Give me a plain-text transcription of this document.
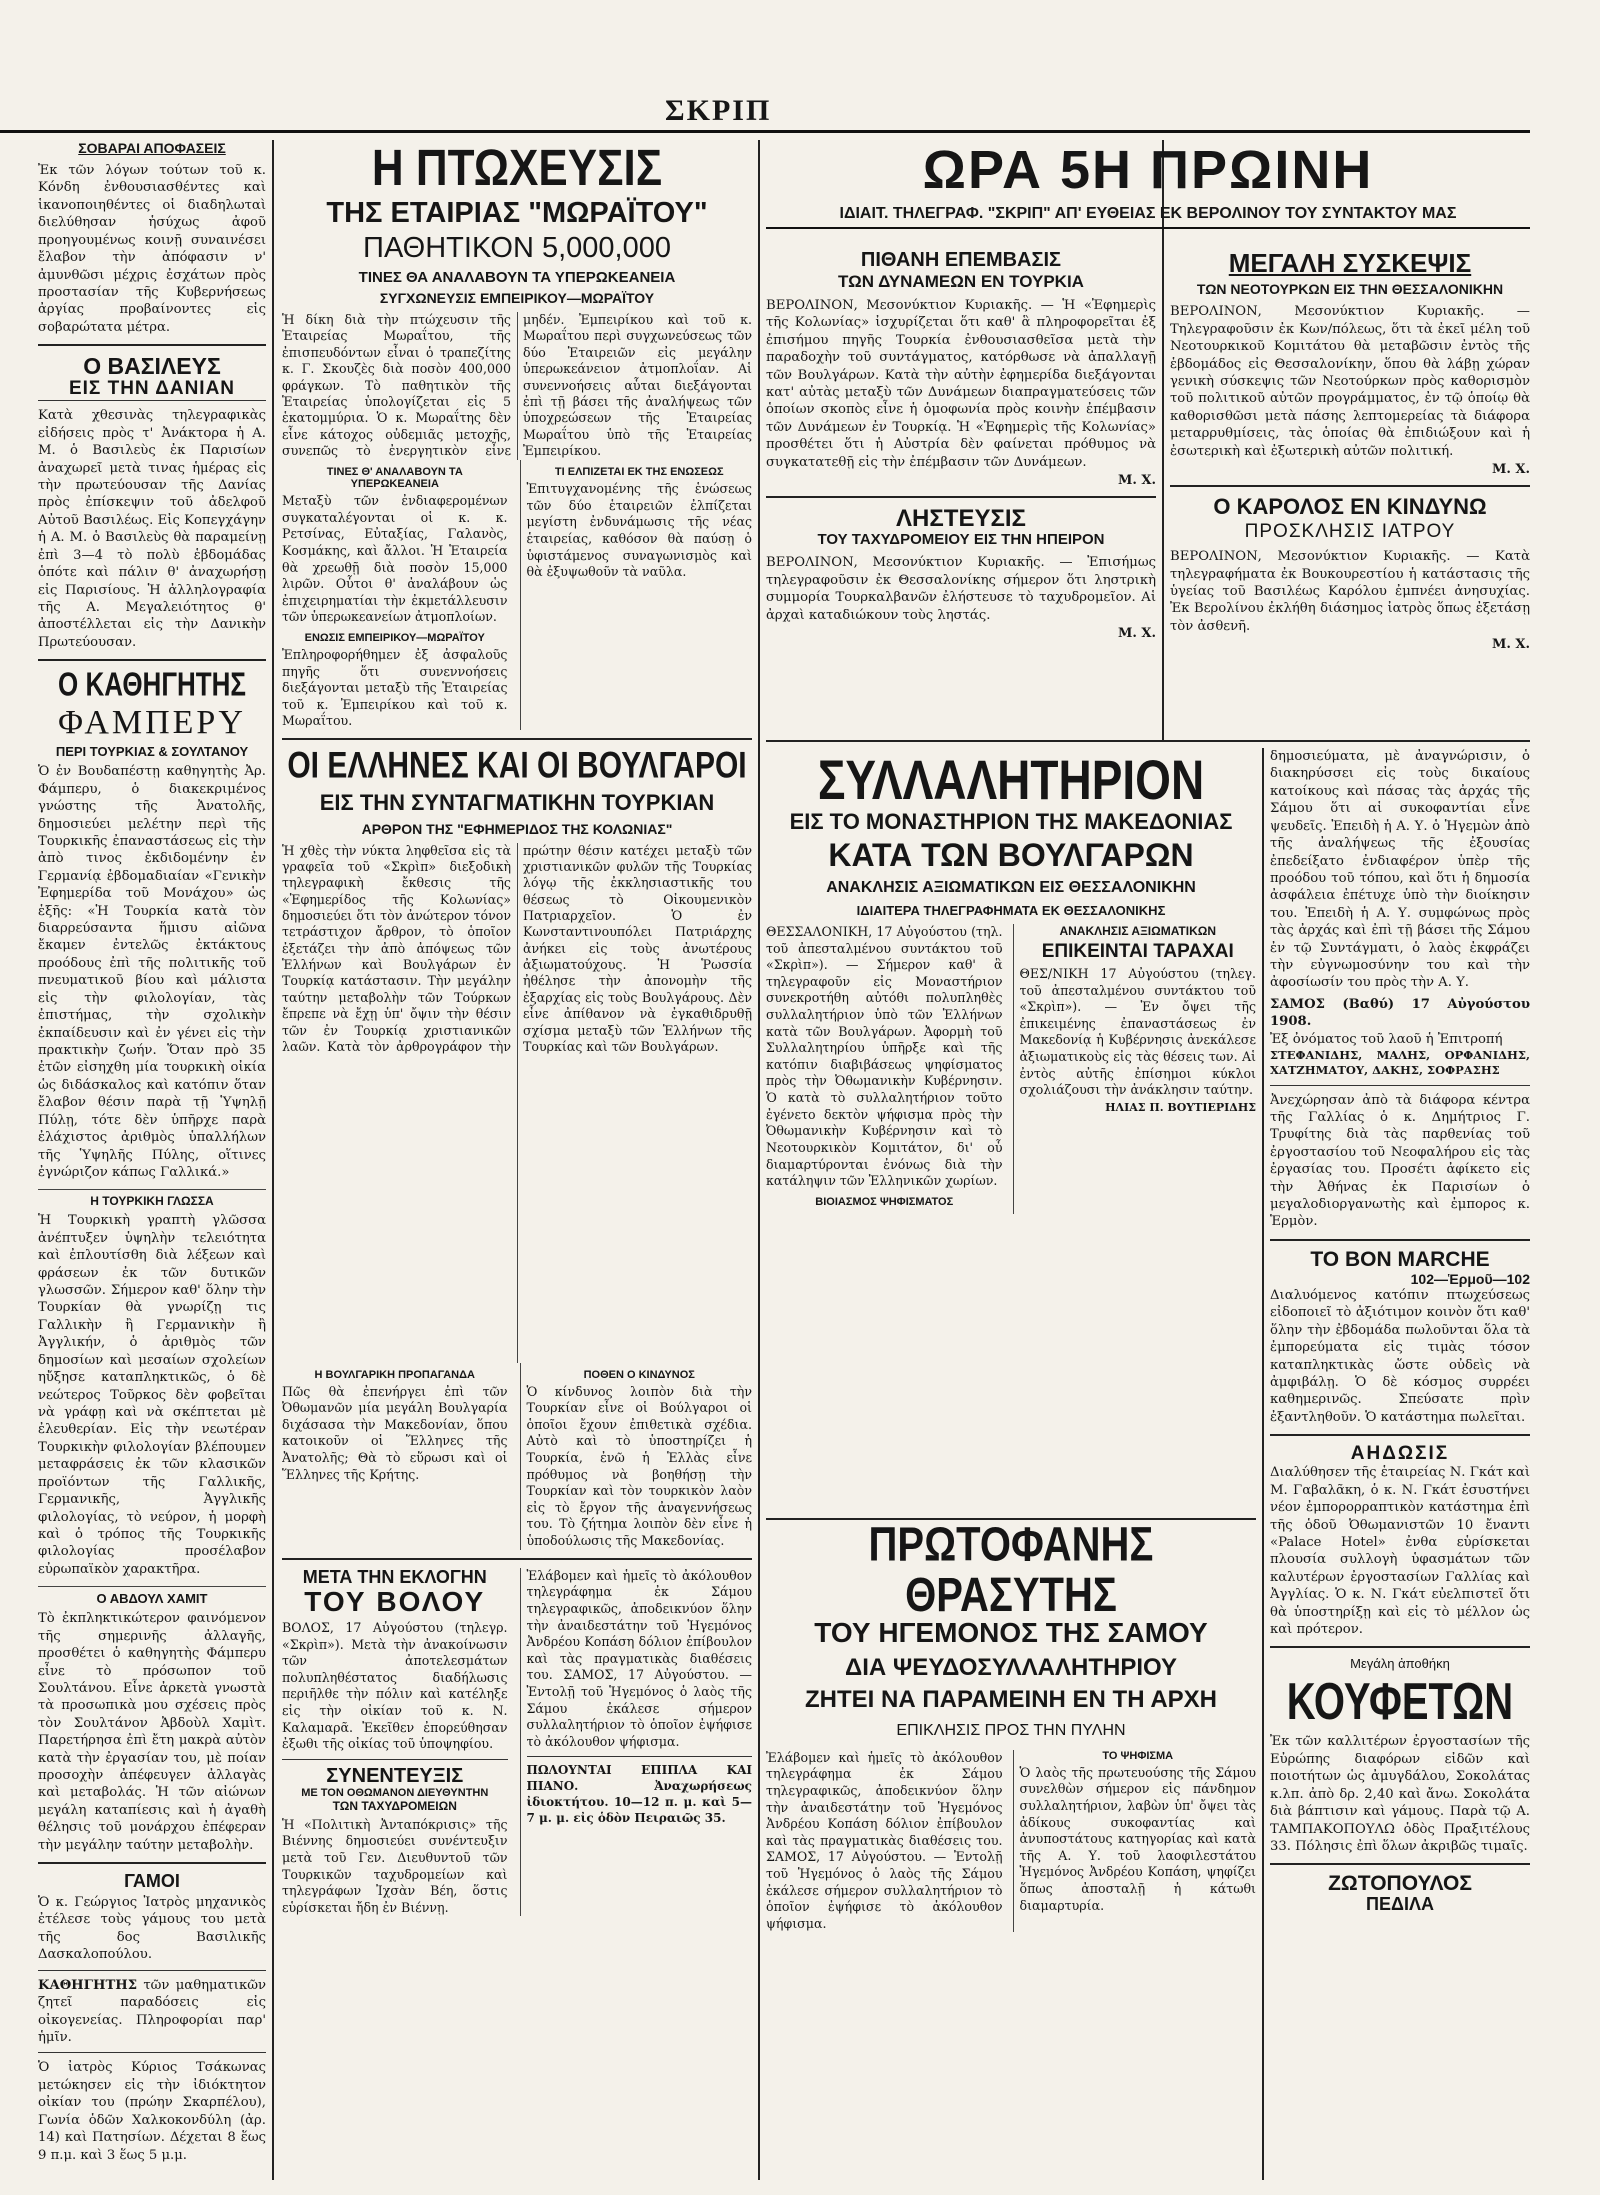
ΣΚΡΙΠ

ΣΟΒΑΡΑΙ ΑΠΟΦΑΣΕΙΣ

Ἐκ τῶν λόγων τούτων τοῦ κ. Κόνδη ἐνθουσιασθέντες καὶ ἱκανοποιηθέντες οἱ διαδηλωταὶ διελύθησαν ἡσύχως ἀφοῦ προηγουμένως κοινῇ συναινέσει ἔλαβον τὴν ἀπόφασιν ν' ἀμυνθῶσι μέχρις ἐσχάτων πρὸς προστασίαν τῆς Κυβερνήσεως ἀργίας προβαίνοντες εἰς σοβαρώτατα μέτρα.

Ο ΒΑΣΙΛΕΥΣ

ΕΙΣ ΤΗΝ ΔΑΝΙΑΝ

Κατὰ χθεσινὰς τηλεγραφικὰς εἰδήσεις πρὸς τ' Ἀνάκτορα ἡ Α. Μ. ὁ Βασιλεὺς ἐκ Παρισίων ἀναχωρεῖ μετὰ τινας ἡμέρας εἰς τὴν πρωτεύουσαν τῆς Δανίας πρὸς ἐπίσκεψιν τοῦ ἀδελφοῦ Αὐτοῦ Βασιλέως. Εἰς Κοπεγχάγην ἡ Α. Μ. ὁ Βασιλεὺς θὰ παραμείνῃ ἐπὶ 3—4 τὸ πολὺ ἑβδομάδας ὁπότε καὶ πάλιν θ' ἀναχωρήσῃ εἰς Παρισίους. Ἡ ἀλληλογραφία τῆς Α. Μεγαλειότητος θ' ἀποστέλλεται εἰς τὴν Δανικὴν Πρωτεύουσαν.

Ο ΚΑΘΗΓΗΤΗΣ

ΦΑΜΠΕΡΥ

ΠΕΡΙ ΤΟΥΡΚΙΑΣ & ΣΟΥΛΤΑΝΟΥ

Ὁ ἐν Βουδαπέστῃ καθηγητὴς Ἀρ. Φάμπερυ, ὁ διακεκριμένος γνώστης τῆς Ἀνατολῆς, δημοσιεύει μελέτην περὶ τῆς Τουρκικῆς ἐπαναστάσεως εἰς τὴν ἀπὸ τινος ἐκδιδομένην ἐν Γερμανίᾳ ἑβδομαδιαίαν «Γενικὴν Ἐφημερίδα τοῦ Μονάχου» ὡς ἑξῆς: «Ἡ Τουρκία κατὰ τὸν διαρρεύσαντα ἥμισυ αἰῶνα ἔκαμεν ἐντελῶς ἐκτάκτους προόδους ἐπὶ τῆς πολιτικῆς τοῦ πνευματικοῦ βίου καὶ μάλιστα εἰς τὴν φιλολογίαν, τὰς ἐπιστήμας, τὴν σχολικὴν ἐκπαίδευσιν καὶ ἐν γένει εἰς τὴν πρακτικὴν ζωήν. Ὅταν πρὸ 35 ἐτῶν εἰσηχθη μία τουρκικὴ οἰκία ὡς διδάσκαλος καὶ κατόπιν ὅταν ἔλαβον θέσιν παρὰ τῇ Ὑψηλῇ Πύλῃ, τότε δὲν ὑπῆρχε παρὰ ἐλάχιστος ἀριθμὸς ὑπαλλήλων τῆς Ὑψηλῆς Πύλης, οἵτινες ἐγνώριζον κάπως Γαλλικά.»

Η ΤΟΥΡΚΙΚΗ ΓΛΩΣΣΑ

Ἡ Τουρκικὴ γραπτὴ γλῶσσα ἀνέπτυξεν ὑψηλὴν τελειότητα καὶ ἐπλουτίσθη διὰ λέξεων καὶ φράσεων ἐκ τῶν δυτικῶν γλωσσῶν. Σήμερον καθ' ὅλην τὴν Τουρκίαν θὰ γνωρίζῃ τις Γαλλικὴν ἢ Γερμανικὴν ἢ Ἀγγλικήν, ὁ ἀριθμὸς τῶν δημοσίων καὶ μεσαίων σχολείων ηὔξησε καταπληκτικῶς, ὁ δὲ νεώτερος Τοῦρκος δὲν φοβεῖται νὰ γράφῃ καὶ νὰ σκέπτεται μὲ ἐλευθερίαν. Εἰς τὴν νεωτέραν Τουρκικὴν φιλολογίαν βλέπουμεν μεταφράσεις ἐκ τῶν κλασικῶν προϊόντων τῆς Γαλλικῆς, Γερμανικῆς, Ἀγγλικῆς φιλολογίας, τὸ νεύρον, ἡ μορφὴ καὶ ὁ τρόπος τῆς Τουρκικῆς φιλολογίας προσέλαβον εὐρωπαϊκὸν χαρακτῆρα.

Ο ΑΒΔΟΥΛ ΧΑΜΙΤ

Τὸ ἐκπληκτικώτερον φαινόμενον τῆς σημερινῆς ἀλλαγῆς, προσθέτει ὁ καθηγητὴς Φάμπερυ εἶνε τὸ πρόσωπον τοῦ Σουλτάνου. Εἶνε ἀρκετὰ γνωστὰ τὰ προσωπικὰ μου σχέσεις πρὸς τὸν Σουλτάνον Ἀβδοὺλ Χαμὶτ. Παρετήρησα ἐπὶ ἔτη μακρὰ αὐτὸν κατὰ τὴν ἐργασίαν του, μὲ ποίαν προσοχὴν ἀπέφευγεν ἀλλαγὰς καὶ μεταβολάς. Ἡ τῶν αἰώνων μεγάλη καταπίεσις καὶ ἡ ἀγαθὴ θέλησις τοῦ μονάρχου ἐπέφεραν τὴν μεγάλην ταύτην μεταβολὴν.

ΓΑΜΟΙ

Ὁ κ. Γεώργιος Ἰατρὸς μηχανικὸς ἐτέλεσε τοὺς γάμους του μετὰ τῆς δος Βασιλικῆς Δασκαλοπούλου.

ΚΑΘΗΓΗΤΗΣ τῶν μαθηματικῶν ζητεῖ παραδόσεις εἰς οἰκογενείας. Πληροφορίαι παρ' ἡμῖν.

Ὁ ἰατρὸς Κύριος Τσάκωνας μετώκησεν εἰς τὴν ἰδιόκτητον οἰκίαν του (πρώην Σκαρπέλου), Γωνία ὁδῶν Χαλκοκονδύλη (ἀρ. 14) καὶ Πατησίων. Δέχεται 8 ἕως 9 π.μ. καὶ 3 ἕως 5 μ.μ.

Η ΠΤΩΧΕΥΣΙΣ

ΤΗΣ ΕΤΑΙΡΙΑΣ "ΜΩΡΑΪΤΟΥ"

ΠΑΘΗΤΙΚΟΝ 5,000,000

ΤΙΝΕΣ ΘΑ ΑΝΑΛΑΒΟΥΝ ΤΑ ΥΠΕΡΩΚΕΑΝΕΙΑ

ΣΥΓΧΩΝΕΥΣΙΣ ΕΜΠΕΙΡΙΚΟΥ—ΜΩΡΑΪΤΟΥ

Ἡ δίκη διὰ τὴν πτώχευσιν τῆς Ἑταιρείας Μωραΐτου, τῆς ἐπισπευδόντων εἶναι ὁ τραπεζίτης κ. Γ. Σκουζὲς διὰ ποσὸν 400,000 φράγκων. Τὸ παθητικὸν τῆς Ἑταιρείας ὑπολογίζεται εἰς 5 ἑκατομμύρια. Ὁ κ. Μωραΐτης δὲν εἶνε κάτοχος οὐδεμιᾶς μετοχῆς, συνεπῶς τὸ ἐνεργητικὸν εἶνε μηδέν. Ἐμπειρίκου καὶ τοῦ κ. Μωραΐτου περὶ συγχωνεύσεως τῶν δύο Ἑταιρειῶν εἰς μεγάλην ὑπερωκεάνειον ἀτμοπλοΐαν. Αἱ συνεννοήσεις αὗται διεξάγονται ἐπὶ τῇ βάσει τῆς ἀναλήψεως τῶν ὑποχρεώσεων τῆς Ἑταιρείας Μωραΐτου ὑπὸ τῆς Ἑταιρείας Ἐμπειρίκου.

ΤΙΝΕΣ Θ' ΑΝΑΛΑΒΟΥΝ ΤΑ ΥΠΕΡΩΚΕΑΝΕΙΑ

Μεταξὺ τῶν ἐνδιαφερομένων συγκαταλέγονται οἱ κ. κ. Ρετσίνας, Εὐταξίας, Γαλανὸς, Κοσμάκης, καὶ ἄλλοι. Ἡ Ἑταιρεία θὰ χρεωθῇ διὰ ποσὸν 15,000 λιρῶν. Οὗτοι θ' ἀναλάβουν ὡς ἐπιχειρηματίαι τὴν ἐκμετάλλευσιν τῶν ὑπερωκεανείων ἀτμοπλοίων.

ΕΝΩΣΙΣ ΕΜΠΕΙΡΙΚΟΥ—ΜΩΡΑΪΤΟΥ

Ἐπληροφορήθημεν ἐξ ἀσφαλοῦς πηγῆς ὅτι συνεννοήσεις διεξάγονται μεταξὺ τῆς Ἑταιρείας τοῦ κ. Ἐμπειρίκου καὶ τοῦ κ. Μωραΐτου.

ΤΙ ΕΛΠΙΖΕΤΑΙ ΕΚ ΤΗΣ ΕΝΩΣΕΩΣ

Ἐπιτυγχανομένης τῆς ἑνώσεως τῶν δύο ἑταιρειῶν ἐλπίζεται μεγίστη ἐνδυνάμωσις τῆς νέας ἑταιρείας, καθόσον θὰ παύσῃ ὁ ὑφιστάμενος συναγωνισμὸς καὶ θὰ ἐξυψωθοῦν τὰ ναῦλα.

ΟΙ ΕΛΛΗΝΕΣ ΚΑΙ ΟΙ ΒΟΥΛΓΑΡΟΙ

ΕΙΣ ΤΗΝ ΣΥΝΤΑΓΜΑΤΙΚΗΝ ΤΟΥΡΚΙΑΝ

ΑΡΘΡΟΝ ΤΗΣ "ΕΦΗΜΕΡΙΔΟΣ ΤΗΣ ΚΟΛΩΝΙΑΣ"

Ἡ χθὲς τὴν νύκτα ληφθεῖσα εἰς τὰ γραφεῖα τοῦ «Σκρὶπ» διεξοδικὴ τηλεγραφικὴ ἔκθεσις τῆς «Ἐφημερίδος τῆς Κολωνίας» δημοσιεύει ὅτι τὸν ἀνώτερον τόνον τετράστιχον ἄρθρον, τὸ ὁποῖον ἐξετάζει τὴν ἀπὸ ἀπόψεως τῶν Ἑλλήνων καὶ Βουλγάρων ἐν Τουρκίᾳ κατάστασιν. Τὴν μεγάλην ταύτην μεταβολὴν τῶν Τούρκων ἔπρεπε νὰ ἔχῃ ὑπ' ὄψιν τὴν θέσιν τῶν ἐν Τουρκίᾳ χριστιανικῶν λαῶν. Κατὰ τὸν ἀρθρογράφον τὴν πρώτην θέσιν κατέχει μεταξὺ τῶν χριστιανικῶν φυλῶν τῆς Τουρκίας λόγῳ τῆς ἐκκλησιαστικῆς του θέσεως τὸ Οἰκουμενικὸν Πατριαρχεῖον. Ὁ ἐν Κωνσταντινουπόλει Πατριάρχης ἀνήκει εἰς τοὺς ἀνωτέρους ἀξιωματούχους. Ἡ Ῥωσσία ἠθέλησε τὴν ἀπονομὴν τῆς ἐξαρχίας εἰς τοὺς Βουλγάρους. Δὲν εἶνε ἀπίθανον νὰ ἐγκαθιδρυθῇ σχίσμα μεταξὺ τῶν Ἑλλήνων τῆς Τουρκίας καὶ τῶν Βουλγάρων.

Η ΒΟΥΛΓΑΡΙΚΗ ΠΡΟΠΑΓΑΝΔΑ

Πῶς θὰ ἐπενήργει ἐπὶ τῶν Ὀθωμανῶν μία μεγάλη Βουλγαρία διχάσασα τὴν Μακεδονίαν, ὅπου κατοικοῦν οἱ Ἕλληνες τῆς Ἀνατολῆς; Θὰ τὸ εὕρωσι καὶ οἱ Ἕλληνες τῆς Κρήτης.

ΠΟΘΕΝ Ο ΚΙΝΔΥΝΟΣ

Ὁ κίνδυνος λοιπὸν διὰ τὴν Τουρκίαν εἶνε οἱ Βούλγαροι οἱ ὁποῖοι ἔχουν ἐπιθετικὰ σχέδια. Αὐτὸ καὶ τὸ ὑποστηρίζει ἡ Τουρκία, ἐνῶ ἡ Ἑλλὰς εἶνε πρόθυμος νὰ βοηθήσῃ τὴν Τουρκίαν καὶ τὸν τουρκικὸν λαὸν εἰς τὸ ἔργον τῆς ἀναγεννήσεως του. Τὸ ζήτημα λοιπὸν δὲν εἶνε ἡ ὑποδούλωσις τῆς Μακεδονίας.

ΜΕΤΑ ΤΗΝ ΕΚΛΟΓΗΝ

ΤΟΥ ΒΟΛΟΥ

ΒΟΛΟΣ, 17 Αὐγούστου (τηλεγρ. «Σκρὶπ»). Μετὰ τὴν ἀνακοίνωσιν τῶν ἀποτελεσμάτων πολυπληθέστατος διαδήλωσις περιῆλθε τὴν πόλιν καὶ κατέληξε εἰς τὴν οἰκίαν τοῦ κ. Ν. Καλαμαρᾶ. Ἐκεῖθεν ἐπορεύθησαν ἐξωθι τῆς οἰκίας τοῦ ὑποψηφίου.

ΣΥΝΕΝΤΕΥΞΙΣ

ΜΕ ΤΟΝ ΟΘΩΜΑΝΟΝ ΔΙΕΥΘΥΝΤΗΝ

ΤΩΝ ΤΑΧΥΔΡΟΜΕΙΩΝ

Ἡ «Πολιτικὴ Ἀνταπόκρισις» τῆς Βιέννης δημοσιεύει συνέντευξιν μετὰ τοῦ Γεν. Διευθυντοῦ τῶν Τουρκικῶν ταχυδρομείων καὶ τηλεγράφων Ἰχσὰν Βέη, ὅστις εὑρίσκεται ἤδη ἐν Βιέννῃ.

Ἐλάβομεν καὶ ἡμεῖς τὸ ἀκόλουθον τηλεγράφημα ἐκ Σάμου τηλεγραφικῶς, ἀποδεικνύον ὅλην τὴν ἀναιδεστάτην τοῦ Ἡγεμόνος Ἀνδρέου Κοπάση δόλιον ἐπίβουλον καὶ τὰς πραγματικὰς διαθέσεις του. ΣΑΜΟΣ, 17 Αὐγούστου. — Ἐντολῇ τοῦ Ἡγεμόνος ὁ λαὸς τῆς Σάμου ἐκάλεσε σήμερον συλλαλητήριον τὸ ὁποῖον ἐψήφισε τὸ ἀκόλουθον ψήφισμα.

ΠΩΛΟΥΝΤΑΙ ΕΠΙΠΛΑ ΚΑΙ ΠΙΑΝΟ. Ἀναχωρήσεως ἰδιοκτήτου. 10—12 π. μ. καὶ 5—7 μ. μ. εἰς ὁδὸν Πειραιῶς 35.

ΩΡΑ 5Η ΠΡΩΙΝΗ

ΙΔΙΑΙΤ. ΤΗΛΕΓΡΑΦ. "ΣΚΡΙΠ" ΑΠ' ΕΥΘΕΙΑΣ ΕΚ ΒΕΡΟΛΙΝΟΥ ΤΟΥ ΣΥΝΤΑΚΤΟΥ ΜΑΣ

ΠΙΘΑΝΗ ΕΠΕΜΒΑΣΙΣ

ΤΩΝ ΔΥΝΑΜΕΩΝ ΕΝ ΤΟΥΡΚΙΑ

ΒΕΡΟΛΙΝΟΝ, Μεσονύκτιον Κυριακῆς. — Ἡ «Ἐφημερὶς τῆς Κολωνίας» ἰσχυρίζεται ὅτι καθ' ἃ πληροφορεῖται ἐξ ἐπισήμου πηγῆς Τουρκία ἐνθουσιασθεῖσα μετὰ τὴν παραδοχὴν τοῦ συντάγματος, κατόρθωσε νὰ ἀπαλλαγῇ τῶν Βουλγάρων. Κατὰ τὴν αὐτὴν ἐφημερίδα διεξάγονται κατ' αὐτὰς μεταξὺ τῶν Δυνάμεων διαπραγματεύσεις τῶν ὁποίων σκοπὸς εἶνε ἡ ὁμοφωνία πρὸς κοινὴν ἐπέμβασιν τῶν Δυνάμεων ἐν Τουρκίᾳ. Ἡ «Ἐφημερὶς τῆς Κολωνίας» προσθέτει ὅτι ἡ Αὐστρία δὲν φαίνεται πρόθυμος νὰ συγκατατεθῇ εἰς τὴν ἐπέμβασιν τῶν Δυνάμεων.

Μ. Χ.

ΛΗΣΤΕΥΣΙΣ

ΤΟΥ ΤΑΧΥΔΡΟΜΕΙΟΥ ΕΙΣ ΤΗΝ ΗΠΕΙΡΟΝ

ΒΕΡΟΛΙΝΟΝ, Μεσονύκτιον Κυριακῆς. — Ἐπισήμως τηλεγραφοῦσιν ἐκ Θεσσαλονίκης σήμερον ὅτι ληστρικὴ συμμορία Τουρκαλβανῶν ἐλήστευσε τὸ ταχυδρομεῖον. Αἱ ἀρχαὶ καταδιώκουν τοὺς ληστάς.

Μ. Χ.

ΜΕΓΑΛΗ ΣΥΣΚΕΨΙΣ

ΤΩΝ ΝΕΟΤΟΥΡΚΩΝ ΕΙΣ ΤΗΝ ΘΕΣΣΑΛΟΝΙΚΗΝ

ΒΕΡΟΛΙΝΟΝ, Μεσονύκτιον Κυριακῆς. — Τηλεγραφοῦσιν ἐκ Κων/πόλεως, ὅτι τὰ ἐκεῖ μέλη τοῦ Νεοτουρκικοῦ Κομιτάτου θὰ μεταβῶσιν ἐντὸς τῆς ἑβδομάδος εἰς Θεσσαλονίκην, ὅπου θὰ λάβῃ χώραν γενικὴ σύσκεψις τῶν Νεοτούρκων πρὸς καθορισμὸν τοῦ πολιτικοῦ αὐτῶν προγράμματος, ἐν τῷ ὁποίῳ θὰ καθορισθῶσι μετὰ πάσης λεπτομερείας τὰ διάφορα μεταρρυθμίσεις, τὰς ὁποίας θὰ ἐπιδιώξουν καὶ ἡ ἐσωτερικὴ καὶ ἐξωτερικὴ αὐτῶν πολιτική.

Μ. Χ.

Ο ΚΑΡΟΛΟΣ ΕΝ ΚΙΝΔΥΝΩ

ΠΡΟΣΚΛΗΣΙΣ ΙΑΤΡΟΥ

ΒΕΡΟΛΙΝΟΝ, Μεσονύκτιον Κυριακῆς. — Κατὰ τηλεγραφήματα ἐκ Βουκουρεστίου ἡ κατάστασις τῆς ὑγείας τοῦ Βασιλέως Καρόλου ἐμπνέει ἀνησυχίας. Ἐκ Βερολίνου ἐκλήθη διάσημος ἰατρὸς ὅπως ἐξετάσῃ τὸν ἀσθενῆ.

Μ. Χ.

ΣΥΛΛΑΛΗΤΗΡΙΟΝ

ΕΙΣ ΤΟ ΜΟΝΑΣΤΗΡΙΟΝ ΤΗΣ ΜΑΚΕΔΟΝΙΑΣ

ΚΑΤΑ ΤΩΝ ΒΟΥΛΓΑΡΩΝ

ΑΝΑΚΛΗΣΙΣ ΑΞΙΩΜΑΤΙΚΩΝ ΕΙΣ ΘΕΣΣΑΛΟΝΙΚΗΝ

ΙΔΙΑΙΤΕΡΑ ΤΗΛΕΓΡΑΦΗΜΑΤΑ ΕΚ ΘΕΣΣΑΛΟΝΙΚΗΣ

ΘΕΣΣΑΛΟΝΙΚΗ, 17 Αὐγούστου (τηλ. τοῦ ἀπεσταλμένου συντάκτου τοῦ «Σκρὶπ»). — Σήμερον καθ' ἃ τηλεγραφοῦν εἰς Μοναστήριον συνεκροτήθη αὐτόθι πολυπληθὲς συλλαλητήριον ὑπὸ τῶν Ἑλλήνων κατὰ τῶν Βουλγάρων. Ἀφορμὴ τοῦ Συλλαλητηρίου ὑπῆρξε καὶ τῆς κατόπιν διαβιβάσεως ψηφίσματος πρὸς τὴν Ὀθωμανικὴν Κυβέρνησιν. Ὁ κατὰ τὸ συλλαλητήριον τοῦτο ἐγένετο δεκτὸν ψήφισμα πρὸς τὴν Ὀθωμανικὴν Κυβέρνησιν καὶ τὸ Νεοτουρκικὸν Κομιτάτον, δι' οὗ διαμαρτύρονται ἐνόνως διὰ τὴν κατάληψιν τῶν Ἑλληνικῶν χωρίων.

ΒΙΟΙΑΣΜΟΣ ΨΗΦΙΣΜΑΤΟΣ

ΑΝΑΚΛΗΣΙΣ ΑΞΙΩΜΑΤΙΚΩΝ

ΕΠΙΚΕΙΝΤΑΙ ΤΑΡΑΧΑΙ

ΘΕΣ/ΝΙΚΗ 17 Αὐγούστου (τηλεγ. τοῦ ἀπεσταλμένου συντάκτου τοῦ «Σκρὶπ»). — Ἐν ὄψει τῆς ἐπικειμένης ἐπαναστάσεως ἐν Μακεδονίᾳ ἡ Κυβέρνησις ἀνεκάλεσε ἀξιωματικοὺς εἰς τὰς θέσεις των. Αἱ ἐντὸς αὐτῆς ἐπίσημοι κύκλοι σχολιάζουσι τὴν ἀνάκλησιν ταύτην.

ΗΛΙΑΣ Π. ΒΟΥΤΙΕΡΙΔΗΣ

ΠΡΩΤΟΦΑΝΗΣ ΘΡΑΣΥΤΗΣ

ΤΟΥ ΗΓΕΜΟΝΟΣ ΤΗΣ ΣΑΜΟΥ

ΔΙΑ ΨΕΥΔΟΣΥΛΛΑΛΗΤΗΡΙΟΥ

ΖΗΤΕΙ ΝΑ ΠΑΡΑΜΕΙΝΗ ΕΝ ΤΗ ΑΡΧΗ

ΕΠΙΚΛΗΣΙΣ ΠΡΟΣ ΤΗΝ ΠΥΛΗΝ

Ἐλάβομεν καὶ ἡμεῖς τὸ ἀκόλουθον τηλεγράφημα ἐκ Σάμου τηλεγραφικῶς, ἀποδεικνύον ὅλην τὴν ἀναιδεστάτην τοῦ Ἡγεμόνος Ἀνδρέου Κοπάση δόλιον ἐπίβουλον καὶ τὰς πραγματικὰς διαθέσεις του. ΣΑΜΟΣ, 17 Αὐγούστου. — Ἐντολῇ τοῦ Ἡγεμόνος ὁ λαὸς τῆς Σάμου ἐκάλεσε σήμερον συλλαλητήριον τὸ ὁποῖον ἐψήφισε τὸ ἀκόλουθον ψήφισμα.

ΤΟ ΨΗΦΙΣΜΑ

Ὁ λαὸς τῆς πρωτευούσης τῆς Σάμου συνελθὼν σήμερον εἰς πάνδημον συλλαλητήριον, λαβὼν ὑπ' ὄψει τὰς ἀδίκους συκοφαντίας καὶ ἀνυποστάτους κατηγορίας καὶ κατὰ τῆς Α. Υ. τοῦ λαοφιλεστάτου Ἡγεμόνος Ἀνδρέου Κοπάση, ψηφίζει ὅπως ἀποσταλῇ ἡ κάτωθι διαμαρτυρία.

δημοσιεύματα, μὲ ἀναγνώρισιν, ὁ διακηρύσσει εἰς τοὺς δικαίους κατοίκους καὶ πάσας τὰς ἀρχάς τῆς Σάμου ὅτι αἱ συκοφαντίαι εἶνε ψευδεῖς. Ἐπειδὴ ἡ Α. Υ. ὁ Ἡγεμὼν ἀπὸ τῆς ἀναλήψεως τῆς ἐξουσίας ἐπεδείξατο ἐνδιαφέρον ὑπὲρ τῆς προόδου τοῦ τόπου, καὶ ὅτι ἡ δημοσία ἀσφάλεια ἐπέτυχε ὑπὸ τὴν διοίκησιν του. Ἐπειδὴ ἡ Α. Υ. συμφώνως πρὸς τὰς ἀρχάς καὶ ἐπὶ τῇ βάσει τῆς Σάμου ἐν τῷ Συντάγματι, ὁ λαὸς ἐκφράζει τὴν εὐγνωμοσύνην του καὶ τὴν ἀφοσίωσίν του πρὸς τὴν Α. Υ.

ΣΑΜΟΣ (Βαθύ) 17 Αὐγούστου 1908.

Ἐξ ὀνόματος τοῦ λαοῦ ἡ Ἐπιτροπή

ΣΤΕΦΑΝΙΔΗΣ, ΜΑΛΗΣ, ΟΡΦΑΝΙΔΗΣ, ΧΑΤΖΗΜΑΤΟΥ, ΔΑΚΗΣ, ΣΟΦΡΑΣΗΣ

Ἀνεχώρησαν ἀπὸ τὰ διάφορα κέντρα τῆς Γαλλίας ὁ κ. Δημήτριος Γ. Τρυφίτης διὰ τὰς παρθενίας τοῦ ἐργοστασίου τοῦ Νεοφαλήρου εἰς τὰς ἐργασίας του. Προσέτι ἀφίκετο εἰς τὴν Ἀθήνας ἐκ Παρισίων ὁ μεγαλοδιοργανωτὴς καὶ ἐμπορος κ. Ἑρμὸν.

ΤΟ ΒΟΝ MARCHE

102—Ἑρμοῦ—102

Διαλυόμενος κατόπιν πτωχεύσεως εἰδοποιεῖ τὸ ἀξιότιμον κοινὸν ὅτι καθ' ὅλην τὴν ἐβδομάδα πωλοῦνται ὅλα τὰ ἐμπορεύματα εἰς τιμὰς τόσον καταπληκτικὰς ὥστε οὐδεὶς νὰ ἀμφιβάλῃ. Ὁ δὲ κόσμος συρρέει καθημερινῶς. Σπεύσατε πρὶν ἐξαντληθοῦν. Ὁ κατάστημα πωλεῖται.

ΑΗΔΩΣΙΣ

Διαλύθησεν τῆς ἑταιρείας Ν. Γκάτ καὶ Μ. Γαβαλᾶκη, ὁ κ. Ν. Γκάτ ἐσυστήνει νέον ἐμπορορραπτικὸν κατάστημα ἐπὶ τῆς ὁδοῦ Ὀθωμανιστῶν 10 ἔναντι «Palace Hotel» ἐνθα εὑρίσκεται πλουσία συλλογὴ ὑφασμάτων τῶν καλυτέρων ἐργοστασίων Γαλλίας καὶ Ἀγγλίας. Ὁ κ. Ν. Γκάτ εὐελπιστεῖ ὅτι θὰ ὑποστηρίξῃ καὶ εἰς τὸ μέλλον ὡς καὶ πρότερον.

Μεγάλη ἀποθήκη

ΚΟΥΦΕΤΩΝ

Ἐκ τῶν καλλιτέρων ἐργοστασίων τῆς Εὐρώπης διαφόρων εἰδῶν καὶ ποιοτήτων ὡς ἀμυγδάλου, Σοκολάτας κ.λπ. ἀπὸ δρ. 2,40 καὶ ἄνω. Σοκολάτα διὰ βάπτισιν καὶ γάμους. Παρὰ τῷ Α. ΤΑΜΠΑΚΟΠΟΥΛΩ ὁδὸς Πραξιτέλους 33. Πόλησις ἐπὶ ὅλων ἀκριβῶς τιμαῖς.

ΖΩΤΟΠΟΥΛΟΣ

ΠΕΔΙΛΑ
